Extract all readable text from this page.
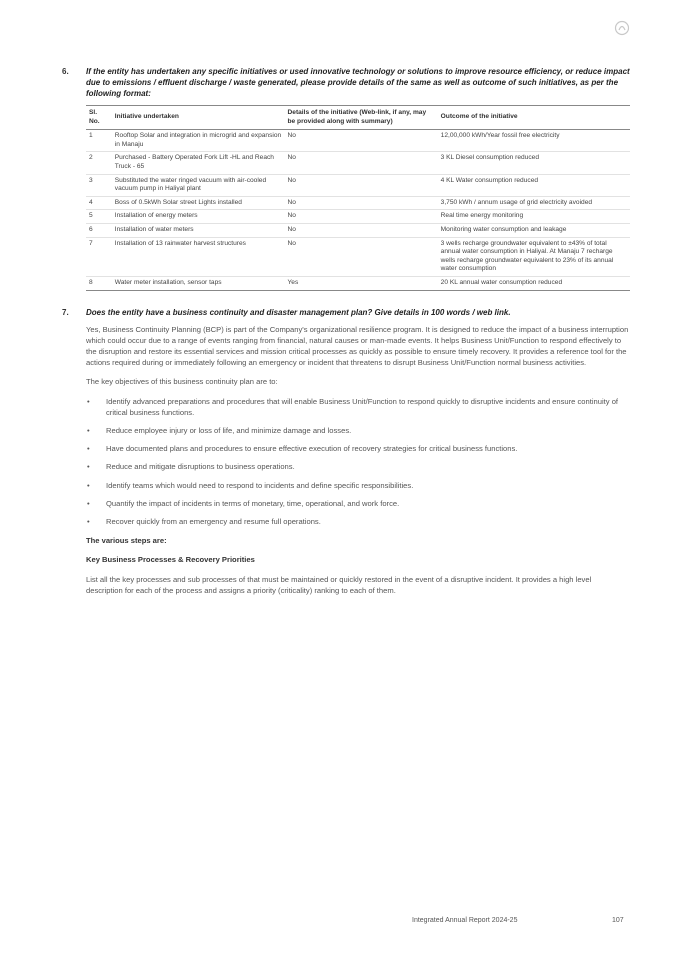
6.	If the entity has undertaken any specific initiatives or used innovative technology or solutions to improve resource efficiency, or reduce impact due to emissions / effluent discharge / waste generated, please provide details of the same as well as outcome of such initiatives, as per the following format:
Sl. No.	Initiative undertaken	Details of the initiative (Web-link, if any, may be provided along with summary)	Outcome of the initiative
1	Rooftop Solar and integration in microgrid and expansion in Manaju	No	12,00,000 kWh/Year fossil free electricity
2	Purchased - Battery Operated Fork Lift -HL and Reach Truck - 65	No	3 KL Diesel consumption reduced
3	Substituted the water ringed vacuum with air-cooled vacuum pump in Haliyal plant	No	4 KL Water consumption reduced
4	Boss of 0.5kWh Solar street Lights installed	No	3,750 kWh / annum usage of grid electricity avoided
5	Installation of energy meters	No	Real time energy monitoring
6	Installation of water meters	No	Monitoring water consumption and leakage
7	Installation of 13 rainwater harvest structures	No	3 wells recharge groundwater equivalent to ±43% of total annual water consumption in Haliyal. At Manaju 7 recharge wells recharge groundwater equivalent to 23% of its annual water consumption
8	Water meter installation, sensor taps	Yes	20 KL annual water consumption reduced
7.	Does the entity have a business continuity and disaster management plan? Give details in 100 words / web link.

Yes, Business Continuity Planning (BCP) is part of the Company's organizational resilience program. It is designed to reduce the impact of a business interruption which could occur due to a range of events ranging from financial, natural causes or man-made events. It helps Business Unit/Function to respond effectively to the disruption and restore its essential services and mission critical processes as quickly as possible to ensure timely recovery. It provides a reference tool for the actions required during or immediately following an emergency or incident that threatens to disrupt Business Unit/Function normal business activities.

The key objectives of this business continuity plan are to:

• Identify advanced preparations and procedures that will enable Business Unit/Function to respond quickly to disruptive incidents and ensure continuity of critical business functions.
• Reduce employee injury or loss of life, and minimize damage and losses.
• Have documented plans and procedures to ensure effective execution of recovery strategies for critical business functions.
• Reduce and mitigate disruptions to business operations.
• Identify teams which would need to respond to incidents and define specific responsibilities.
• Quantify the impact of incidents in terms of monetary, time, operational, and work force.
• Recover quickly from an emergency and resume full operations.

The various steps are:

Key Business Processes & Recovery Priorities

List all the key processes and sub processes of that must be maintained or quickly restored in the event of a disruptive incident. It provides a high level description for each of the process and assigns a priority (criticality) ranking to each of them.

Integrated Annual Report 2024-25	107
